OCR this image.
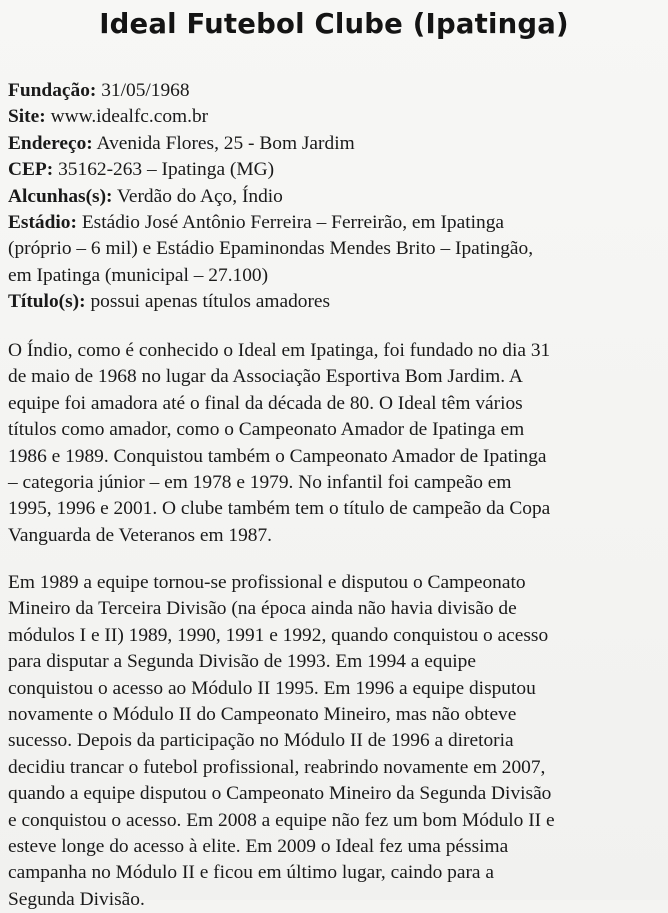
Ideal Futebol Clube (Ipatinga)
Fundação: 31/05/1968
Site: www.idealfc.com.br
Endereço: Avenida Flores, 25 - Bom Jardim
CEP: 35162-263 – Ipatinga (MG)
Alcunhas(s): Verdão do Aço, Índio
Estádio: Estádio José Antônio Ferreira – Ferreirão, em Ipatinga
(próprio – 6 mil) e Estádio Epaminondas Mendes Brito – Ipatingão,
em Ipatinga (municipal – 27.100)
Título(s): possui apenas títulos amadores
O Índio, como é conhecido o Ideal em Ipatinga, foi fundado no dia 31
de maio de 1968 no lugar da Associação Esportiva Bom Jardim. A
equipe foi amadora até o final da década de 80. O Ideal têm vários
títulos como amador, como o Campeonato Amador de Ipatinga em
1986 e 1989. Conquistou também o Campeonato Amador de Ipatinga
– categoria júnior – em 1978 e 1979. No infantil foi campeão em
1995, 1996 e 2001. O clube também tem o título de campeão da Copa
Vanguarda de Veteranos em 1987.
Em 1989 a equipe tornou-se profissional e disputou o Campeonato
Mineiro da Terceira Divisão (na época ainda não havia divisão de
módulos I e II) 1989, 1990, 1991 e 1992, quando conquistou o acesso
para disputar a Segunda Divisão de 1993. Em 1994 a equipe
conquistou o acesso ao Módulo II 1995. Em 1996 a equipe disputou
novamente o Módulo II do Campeonato Mineiro, mas não obteve
sucesso. Depois da participação no Módulo II de 1996 a diretoria
decidiu trancar o futebol profissional, reabrindo novamente em 2007,
quando a equipe disputou o Campeonato Mineiro da Segunda Divisão
e conquistou o acesso. Em 2008 a equipe não fez um bom Módulo II e
esteve longe do acesso à elite. Em 2009 o Ideal fez uma péssima
campanha no Módulo II e ficou em último lugar, caindo para a
Segunda Divisão.
